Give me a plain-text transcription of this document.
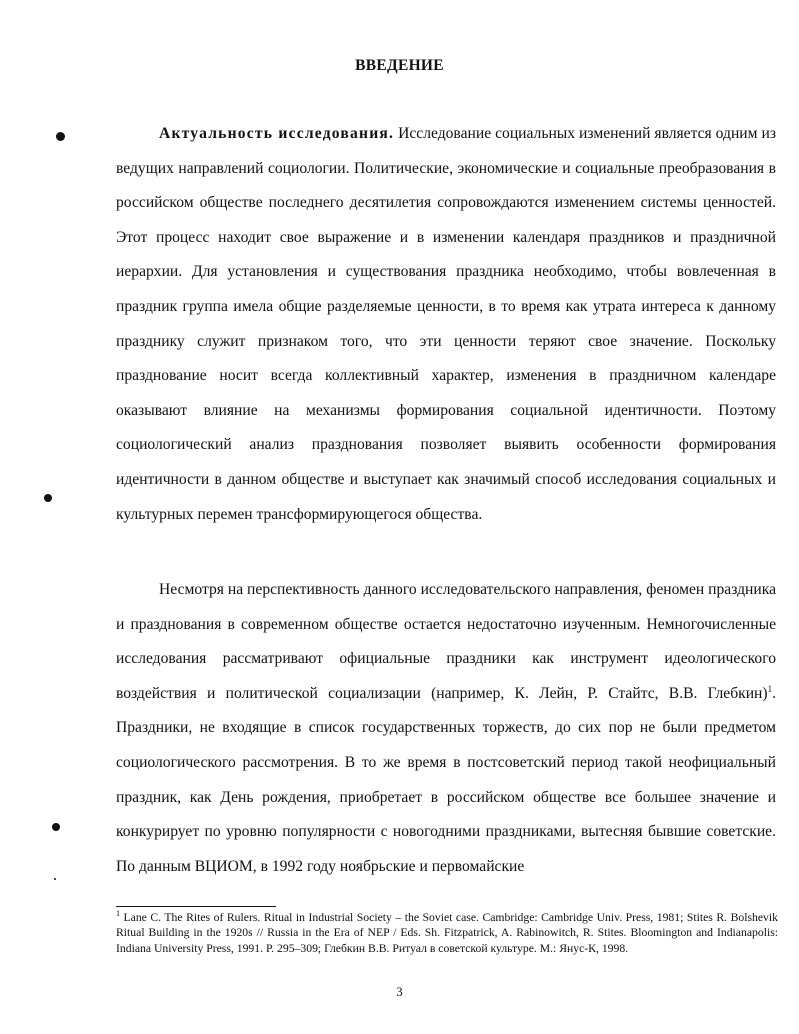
ВВЕДЕНИЕ

Актуальность исследования. Исследование социальных изменений является одним из ведущих направлений социологии. Политические, экономические и социальные преобразования в российском обществе последнего десятилетия сопровождаются изменением системы ценностей. Этот процесс находит свое выражение и в изменении календаря праздников и праздничной иерархии. Для установления и существования праздника необходимо, чтобы вовлеченная в праздник группа имела общие разделяемые ценности, в то время как утрата интереса к данному празднику служит признаком того, что эти ценности теряют свое значение. Поскольку празднование носит всегда коллективный характер, изменения в праздничном календаре оказывают влияние на механизмы формирования социальной идентичности. Поэтому социологический анализ празднования позволяет выявить особенности формирования идентичности в данном обществе и выступает как значимый способ исследования социальных и культурных перемен трансформирующегося общества.

Несмотря на перспективность данного исследовательского направления, феномен праздника и празднования в современном обществе остается недостаточно изученным. Немногочисленные исследования рассматривают официальные праздники как инструмент идеологического воздействия и политической социализации (например, К. Лейн, Р. Стайтс, В.В. Глебкин)$^1$. Праздники, не входящие в список государственных торжеств, до сих пор не были предметом социологического рассмотрения. В то же время в постсоветский период такой неофициальный праздник, как День рождения, приобретает в российском обществе все большее значение и конкурирует по уровню популярности с новогодними праздниками, вытесняя бывшие советские. По данным ВЦИОМ, в 1992 году ноябрьские и первомайские

$^1$ Lane C. The Rites of Rulers. Ritual in Industrial Society – the Soviet case. Cambridge: Cambridge Univ. Press, 1981; Stites R. Bolshevik Ritual Building in the 1920s // Russia in the Era of NEP / Eds. Sh. Fitzpatrick, A. Rabinowitch, R. Stites. Bloomington and Indianapolis: Indiana University Press, 1991. P. 295–309; Глебкин В.В. Ритуал в советской культуре. М.: Янус-К, 1998.

3
